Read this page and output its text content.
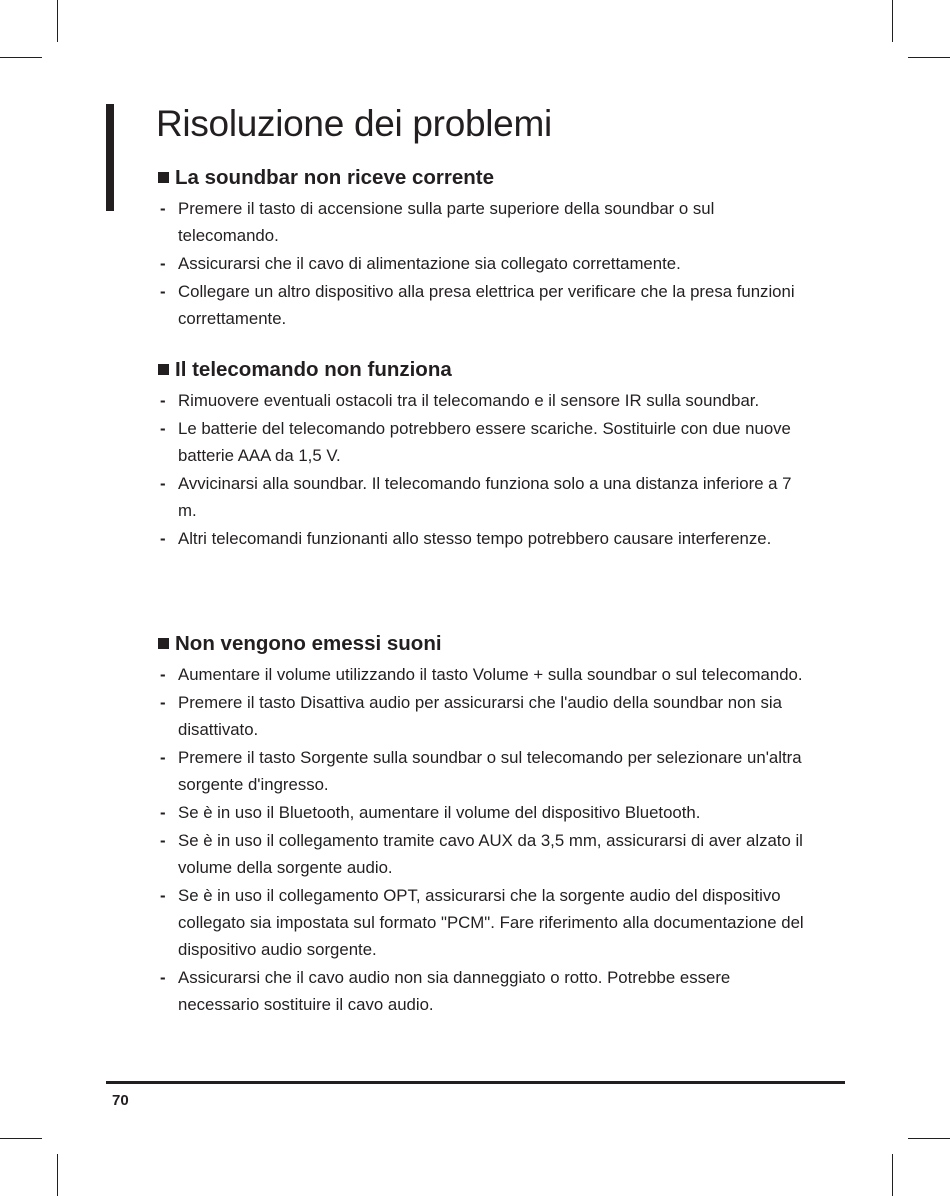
Risoluzione dei problemi
La soundbar non riceve corrente
- Premere il tasto di accensione sulla parte superiore della soundbar o sul telecomando.
- Assicurarsi che il cavo di alimentazione sia collegato correttamente.
- Collegare un altro dispositivo alla presa elettrica per verificare che la presa funzioni correttamente.
Il telecomando non funziona
- Rimuovere eventuali ostacoli tra il telecomando e il sensore IR sulla soundbar.
- Le batterie del telecomando potrebbero essere scariche. Sostituirle con due nuove batterie AAA da 1,5 V.
- Avvicinarsi alla soundbar. Il telecomando funziona solo a una distanza inferiore a 7 m.
- Altri telecomandi funzionanti allo stesso tempo potrebbero causare interferenze.
Non vengono emessi suoni
- Aumentare il volume utilizzando il tasto Volume + sulla soundbar o sul telecomando.
- Premere il tasto Disattiva audio per assicurarsi che l'audio della soundbar non sia disattivato.
- Premere il tasto Sorgente sulla soundbar o sul telecomando per selezionare un'altra sorgente d'ingresso.
- Se è in uso il Bluetooth, aumentare il volume del dispositivo Bluetooth.
- Se è in uso il collegamento tramite cavo AUX da 3,5 mm, assicurarsi di aver alzato il volume della sorgente audio.
- Se è in uso il collegamento OPT, assicurarsi che la sorgente audio del dispositivo collegato sia impostata sul formato "PCM". Fare riferimento alla documentazione del dispositivo audio sorgente.
- Assicurarsi che il cavo audio non sia danneggiato o rotto. Potrebbe essere necessario sostituire il cavo audio.
70
